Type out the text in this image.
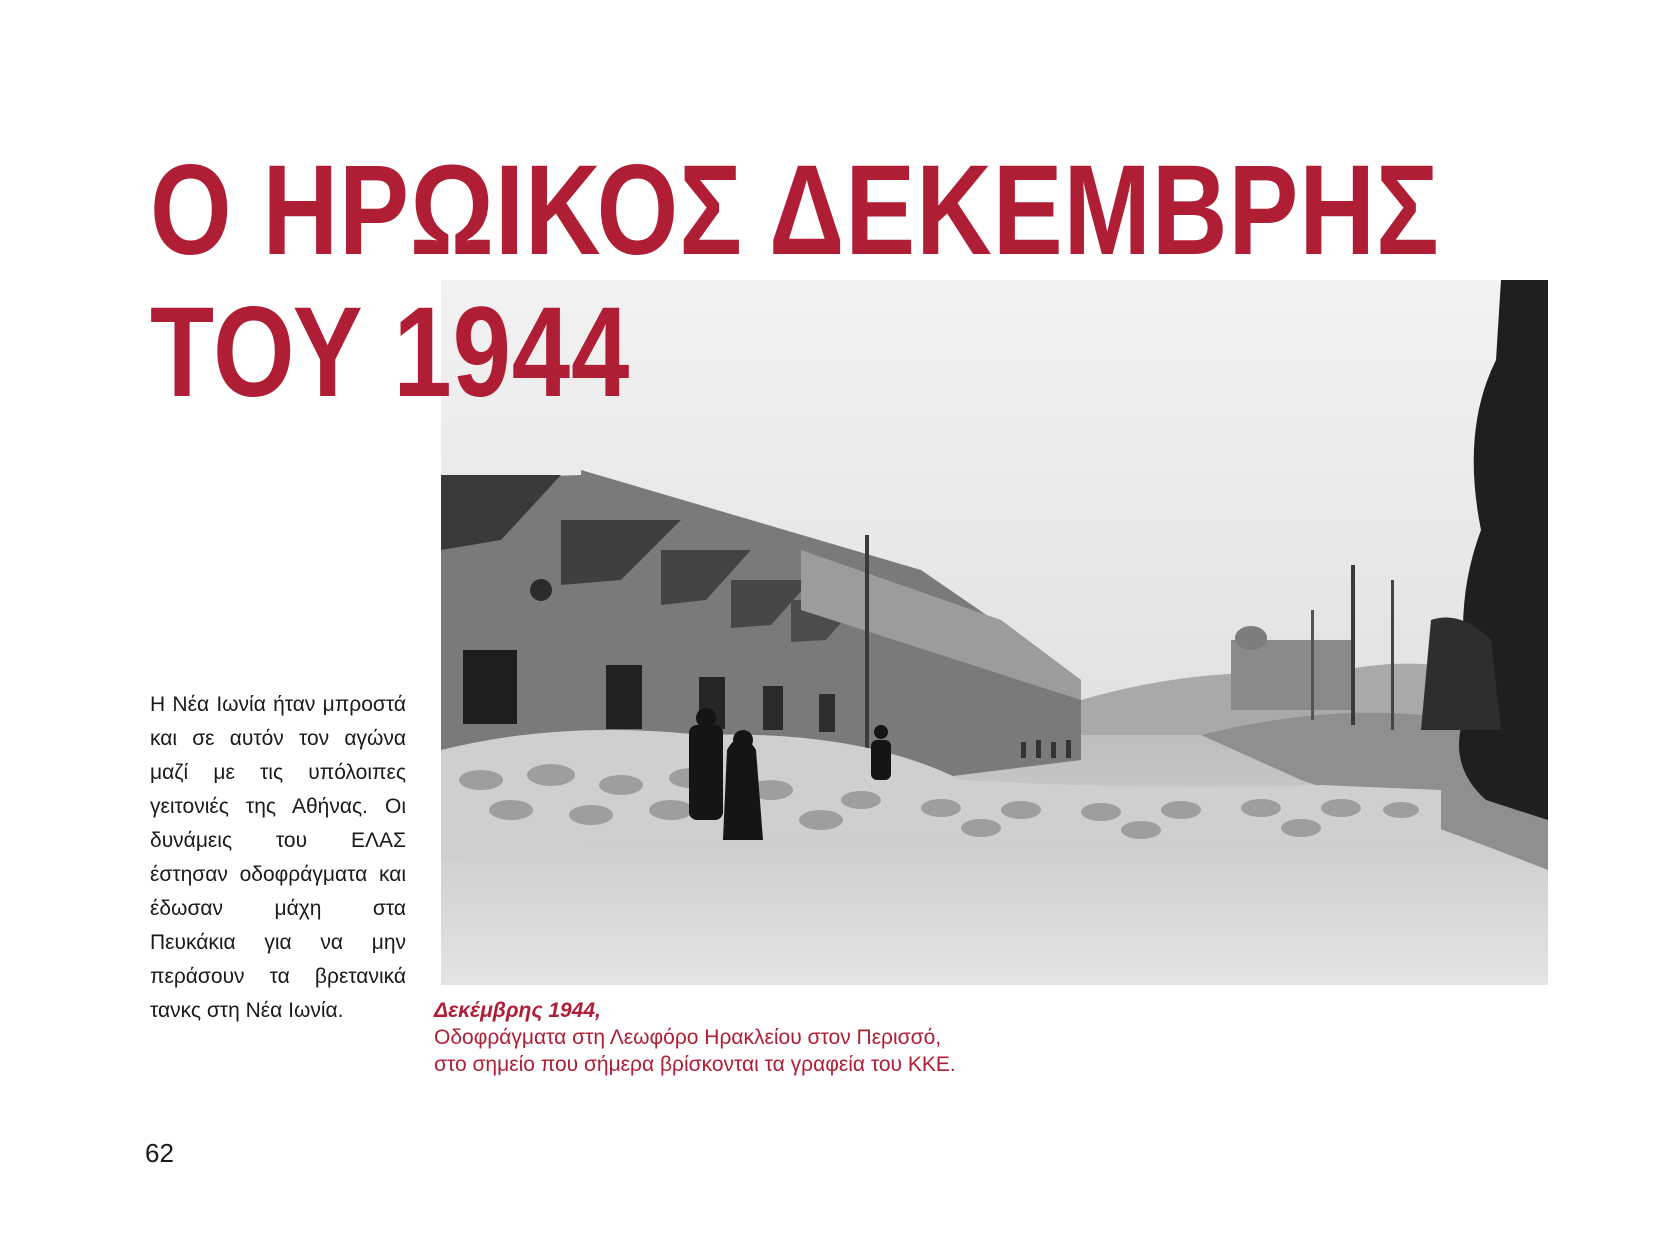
Ο ΗΡΩΙΚΟΣ ΔΕΚΕΜΒΡΗΣ
ΤΟΥ 1944

Η Νέα Ιωνία ήταν μπροστά και σε αυτόν τον αγώνα μαζί με τις υπόλοιπες γειτονιές της Αθήνας. Οι δυνάμεις του ΕΛΑΣ έστησαν οδοφράγματα και έδωσαν μάχη στα Πευκάκια για να μην περάσουν τα βρετανικά τανκς στη Νέα Ιωνία.	Δεκέμβρης 1944,
Οδοφράγματα στη Λεωφόρο Ηρακλείου στον Περισσό,
στο σημείο που σήμερα βρίσκονται τα γραφεία του ΚΚΕ.
62
